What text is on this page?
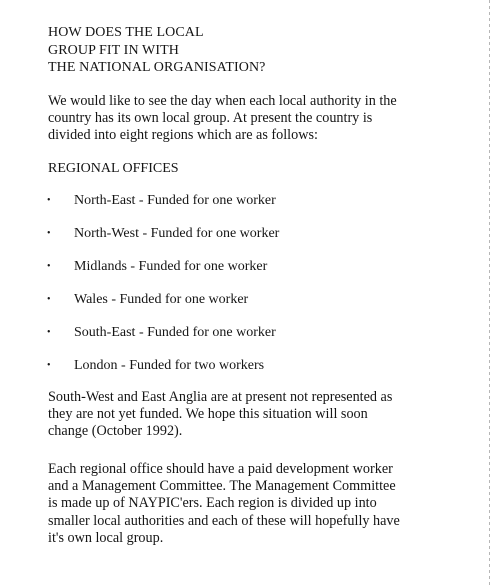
HOW DOES THE LOCAL
GROUP FIT IN WITH
THE NATIONAL ORGANISATION?
We would like to see the day when each local authority in the
country has its own local group. At present the country is
divided into eight regions which are as follows:
REGIONAL OFFICES
• North-East - Funded for one worker
• North-West - Funded for one worker
• Midlands - Funded for one worker
• Wales - Funded for one worker
• South-East - Funded for one worker
• London - Funded for two workers
South-West and East Anglia are at present not represented as
they are not yet funded. We hope this situation will soon
change (October 1992).
Each regional office should have a paid development worker
and a Management Committee. The Management Committee
is made up of NAYPIC'ers. Each region is divided up into
smaller local authorities and each of these will hopefully have
it's own local group.
